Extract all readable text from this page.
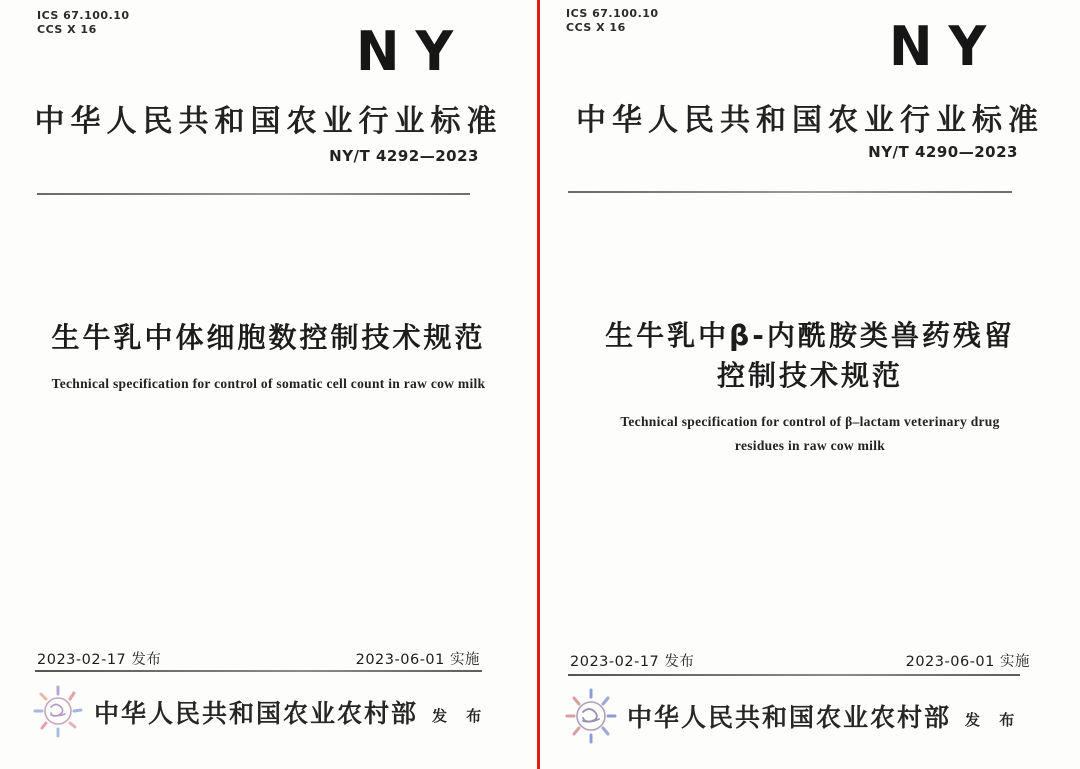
ICS 67.100.10
CCS X 16	NY
中华人民共和国农业行业标准
NY/T 4292—2023
生牛乳中体细胞数控制技术规范
Technical specification for control of somatic cell count in raw cow milk
2023-02-17 发布	2023-06-01 实施
中华人民共和国农业农村部 发 布
ICS 67.100.10
CCS X 16	NY
中华人民共和国农业行业标准
NY/T 4290—2023
生牛乳中β-内酰胺类兽药残留
控制技术规范
Technical specification for control of β–lactam veterinary drug
residues in raw cow milk
2023-02-17 发布	2023-06-01 实施
中华人民共和国农业农村部 发 布
